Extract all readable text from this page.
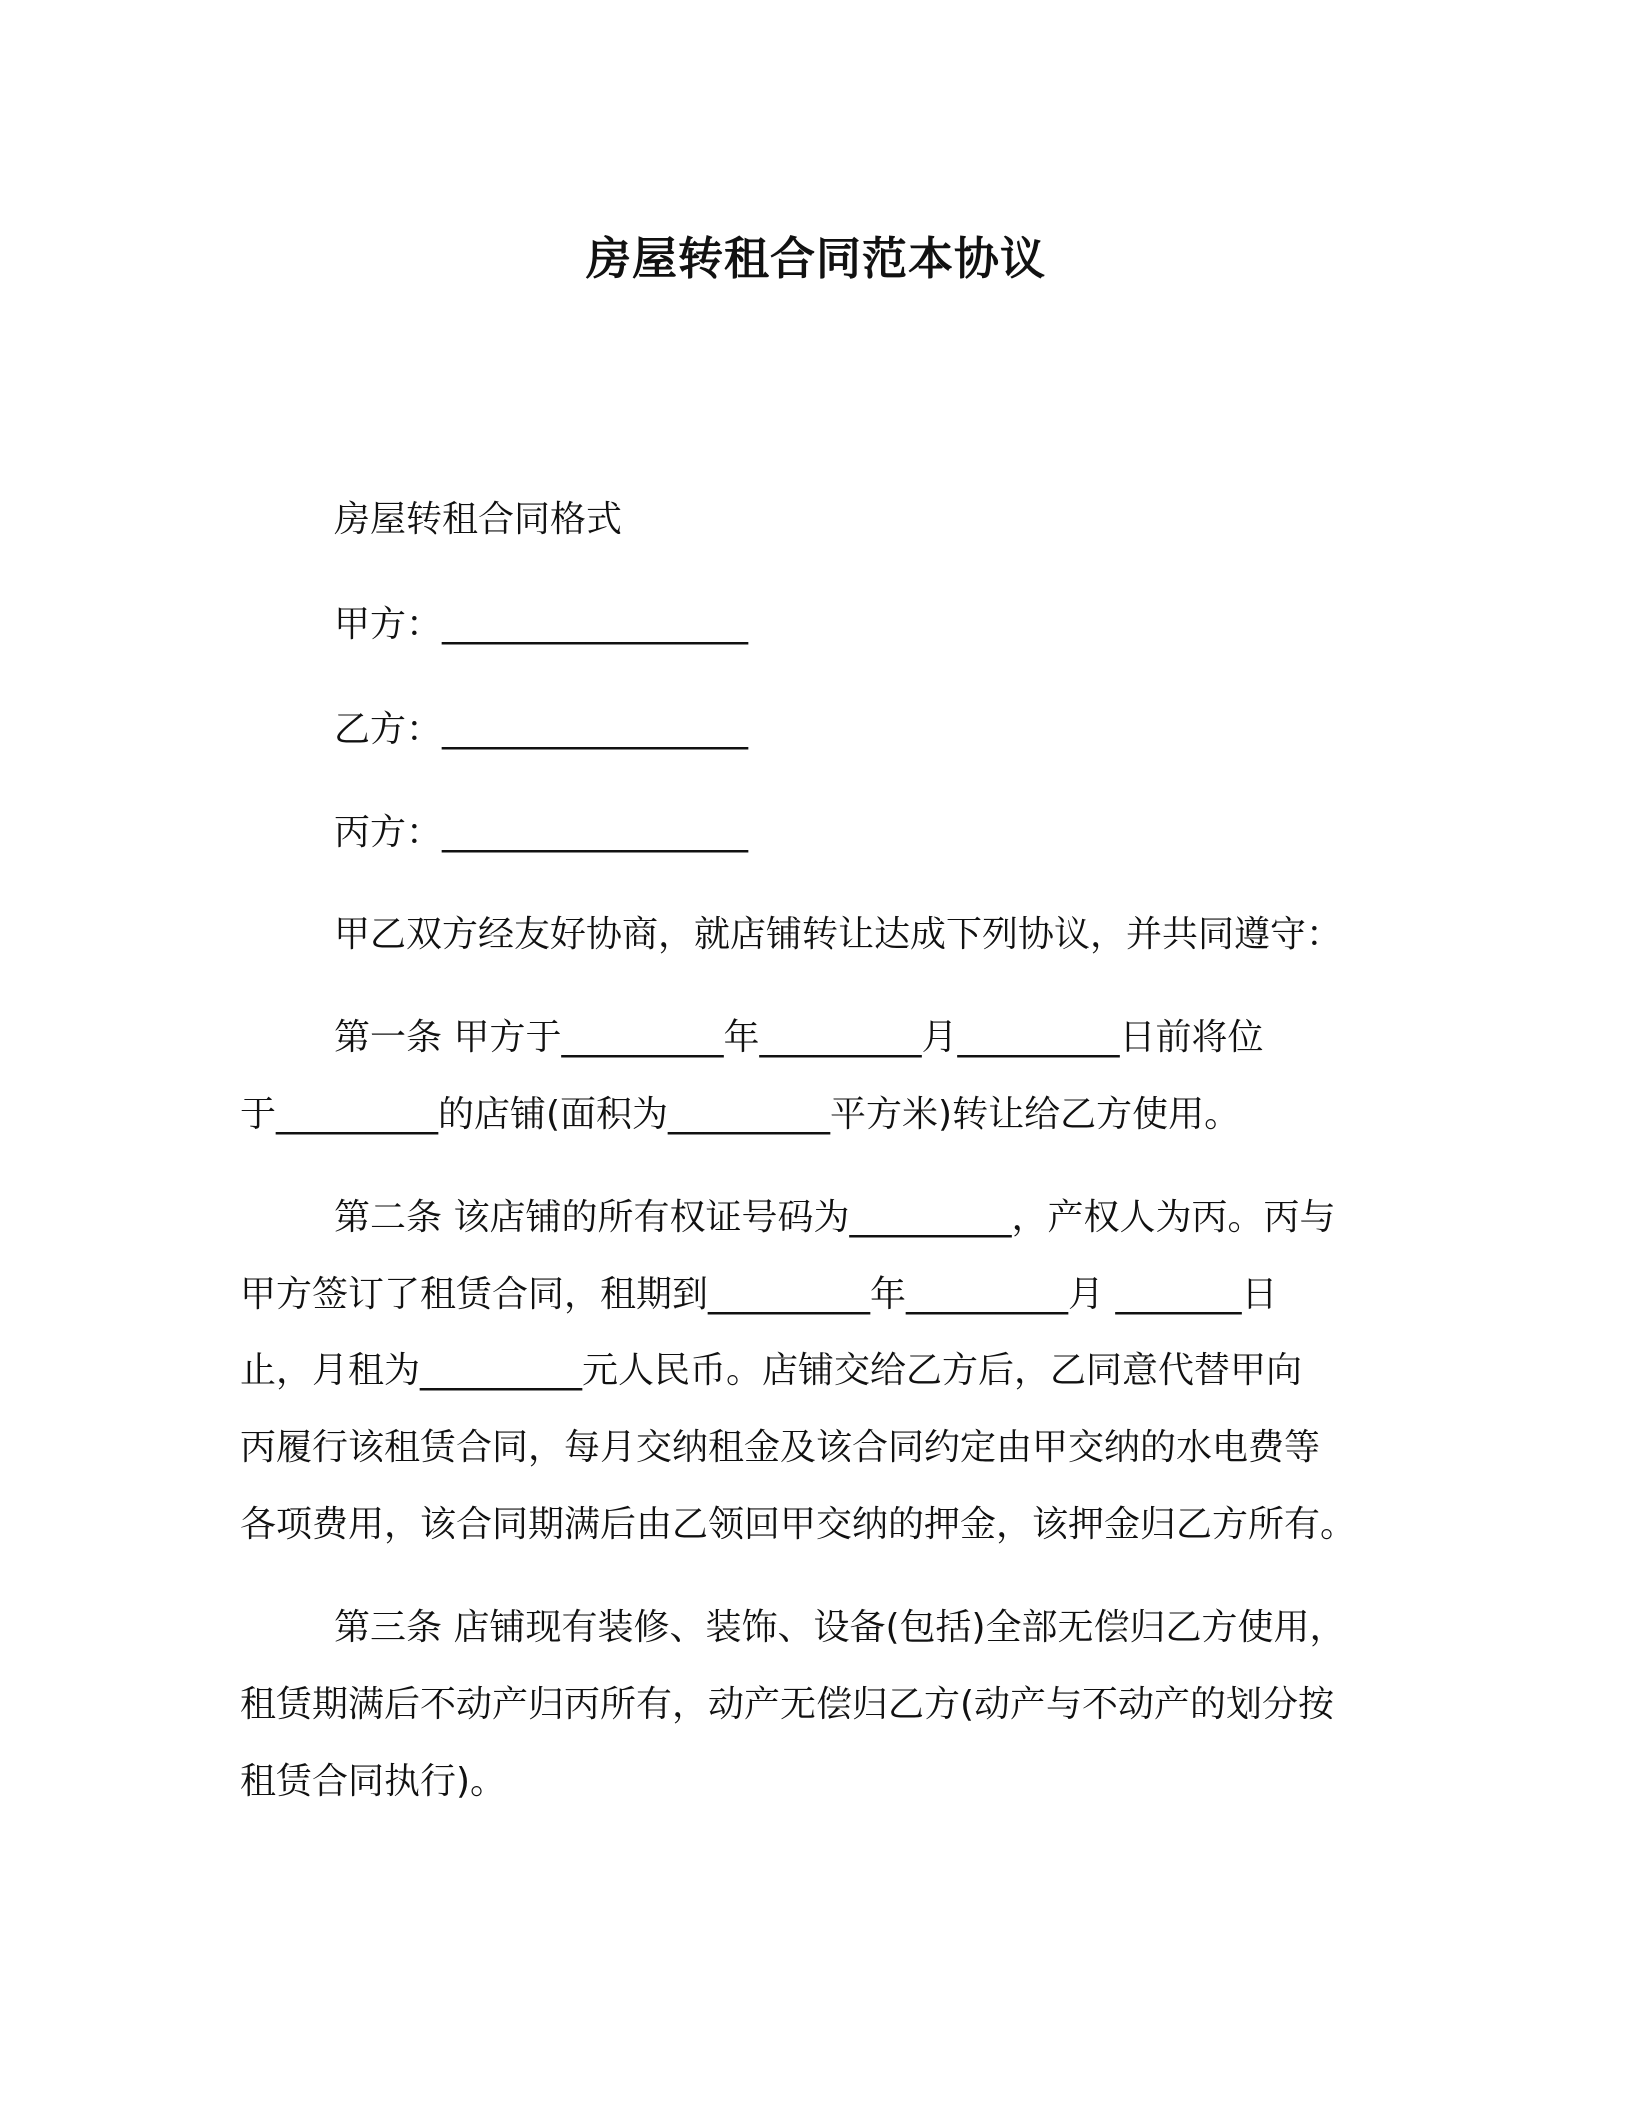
房屋转租合同范本协议
房屋转租合同格式
甲方：_________________
乙方：_________________
丙方：_________________
甲乙双方经友好协商，就店铺转让达成下列协议，并共同遵守：
第一条 甲方于_________年_________月_________日前将位
于_________的店铺(面积为_________平方米)转让给乙方使用。
第二条 该店铺的所有权证号码为_________，产权人为丙。丙与
甲方签订了租赁合同，租期到_________年_________月 _______日
止，月租为_________元人民币。店铺交给乙方后，乙同意代替甲向
丙履行该租赁合同，每月交纳租金及该合同约定由甲交纳的水电费等
各项费用，该合同期满后由乙领回甲交纳的押金，该押金归乙方所有。
第三条 店铺现有装修、装饰、设备(包括)全部无偿归乙方使用，
租赁期满后不动产归丙所有，动产无偿归乙方(动产与不动产的划分按
租赁合同执行)。
